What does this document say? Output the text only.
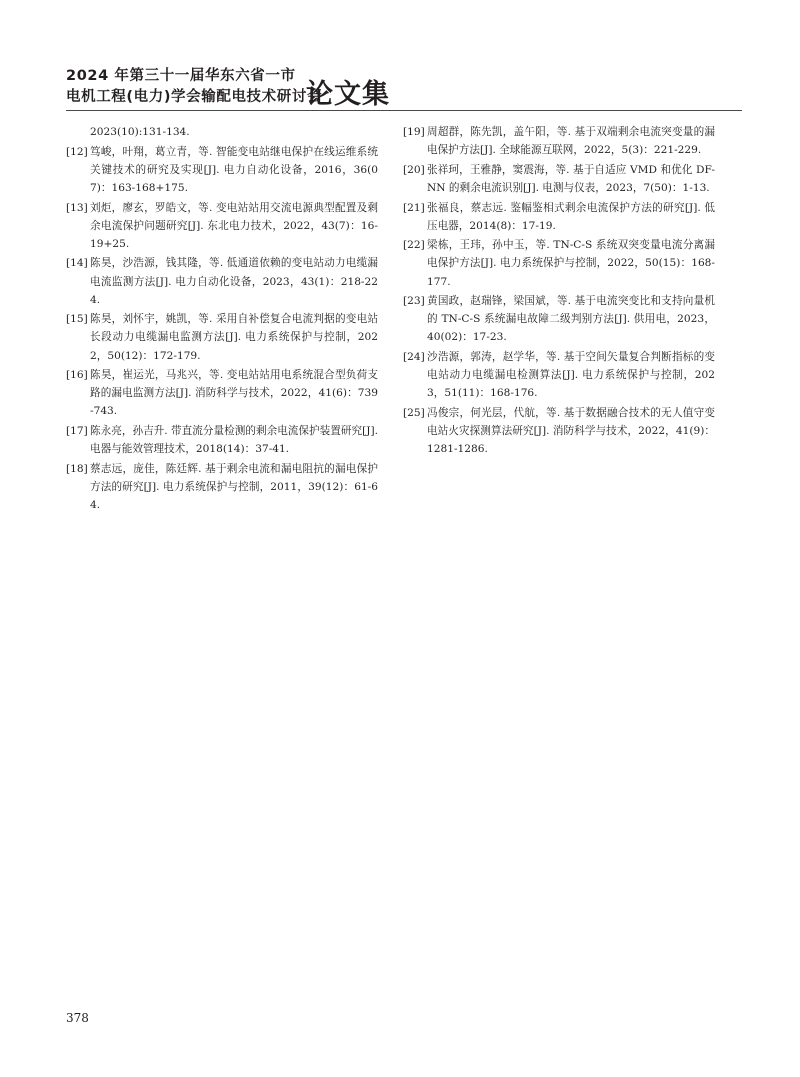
2024 年第三十一届华东六省一市
电机工程(电力)学会输配电技术研讨会
论文集
2023(10):131-134.
[12] 笃峻，叶翔，葛立青，等. 智能变电站继电保护在线运维系统关键技术的研究及实现[J]. 电力自动化设备，2016，36(07)：163-168+175.
[13] 刘炬，廖玄，罗皓文，等. 变电站站用交流电源典型配置及剩余电流保护问题研究[J]. 东北电力技术，2022，43(7)：16-19+25.
[14] 陈昊，沙浩源，钱其隆，等. 低通道依赖的变电站动力电缆漏电流监测方法[J]. 电力自动化设备，2023，43(1)：218-224.
[15] 陈昊，刘怀宇，姚凯，等. 采用自补偿复合电流判据的变电站长段动力电缆漏电监测方法[J]. 电力系统保护与控制，2022，50(12)：172-179.
[16] 陈昊，崔运光，马兆兴，等. 变电站站用电系统混合型负荷支路的漏电监测方法[J]. 消防科学与技术，2022，41(6)：739-743.
[17] 陈永亮，孙吉升. 带直流分量检测的剩余电流保护装置研究[J]. 电器与能效管理技术，2018(14)：37-41.
[18] 蔡志远，庞佳，陈廷辉. 基于剩余电流和漏电阻抗的漏电保护方法的研究[J]. 电力系统保护与控制，2011，39(12)：61-64.
[19] 周超群，陈先凯，盖午阳，等. 基于双端剩余电流突变量的漏电保护方法[J]. 全球能源互联网，2022，5(3)：221-229.
[20] 张祥珂，王雅静，窦震海，等. 基于自适应 VMD 和优化 DF-NN 的剩余电流识别[J]. 电测与仪表，2023，7(50)：1-13.
[21] 张福良，蔡志远. 鉴幅鉴相式剩余电流保护方法的研究[J]. 低压电器，2014(8)：17-19.
[22] 梁栋，王玮，孙中玉，等. TN-C-S 系统双突变量电流分离漏电保护方法[J]. 电力系统保护与控制，2022，50(15)：168-177.
[23] 黄国政，赵瑞锋，梁国斌，等. 基于电流突变比和支持向量机的 TN-C-S 系统漏电故障二级判别方法[J]. 供用电，2023，40(02)：17-23.
[24] 沙浩源，郭涛，赵学华，等. 基于空间矢量复合判断指标的变电站动力电缆漏电检测算法[J]. 电力系统保护与控制，2023，51(11)：168-176.
[25] 冯俊宗，何光层，代航，等. 基于数据融合技术的无人值守变电站火灾探测算法研究[J]. 消防科学与技术，2022，41(9)：1281-1286.
378
